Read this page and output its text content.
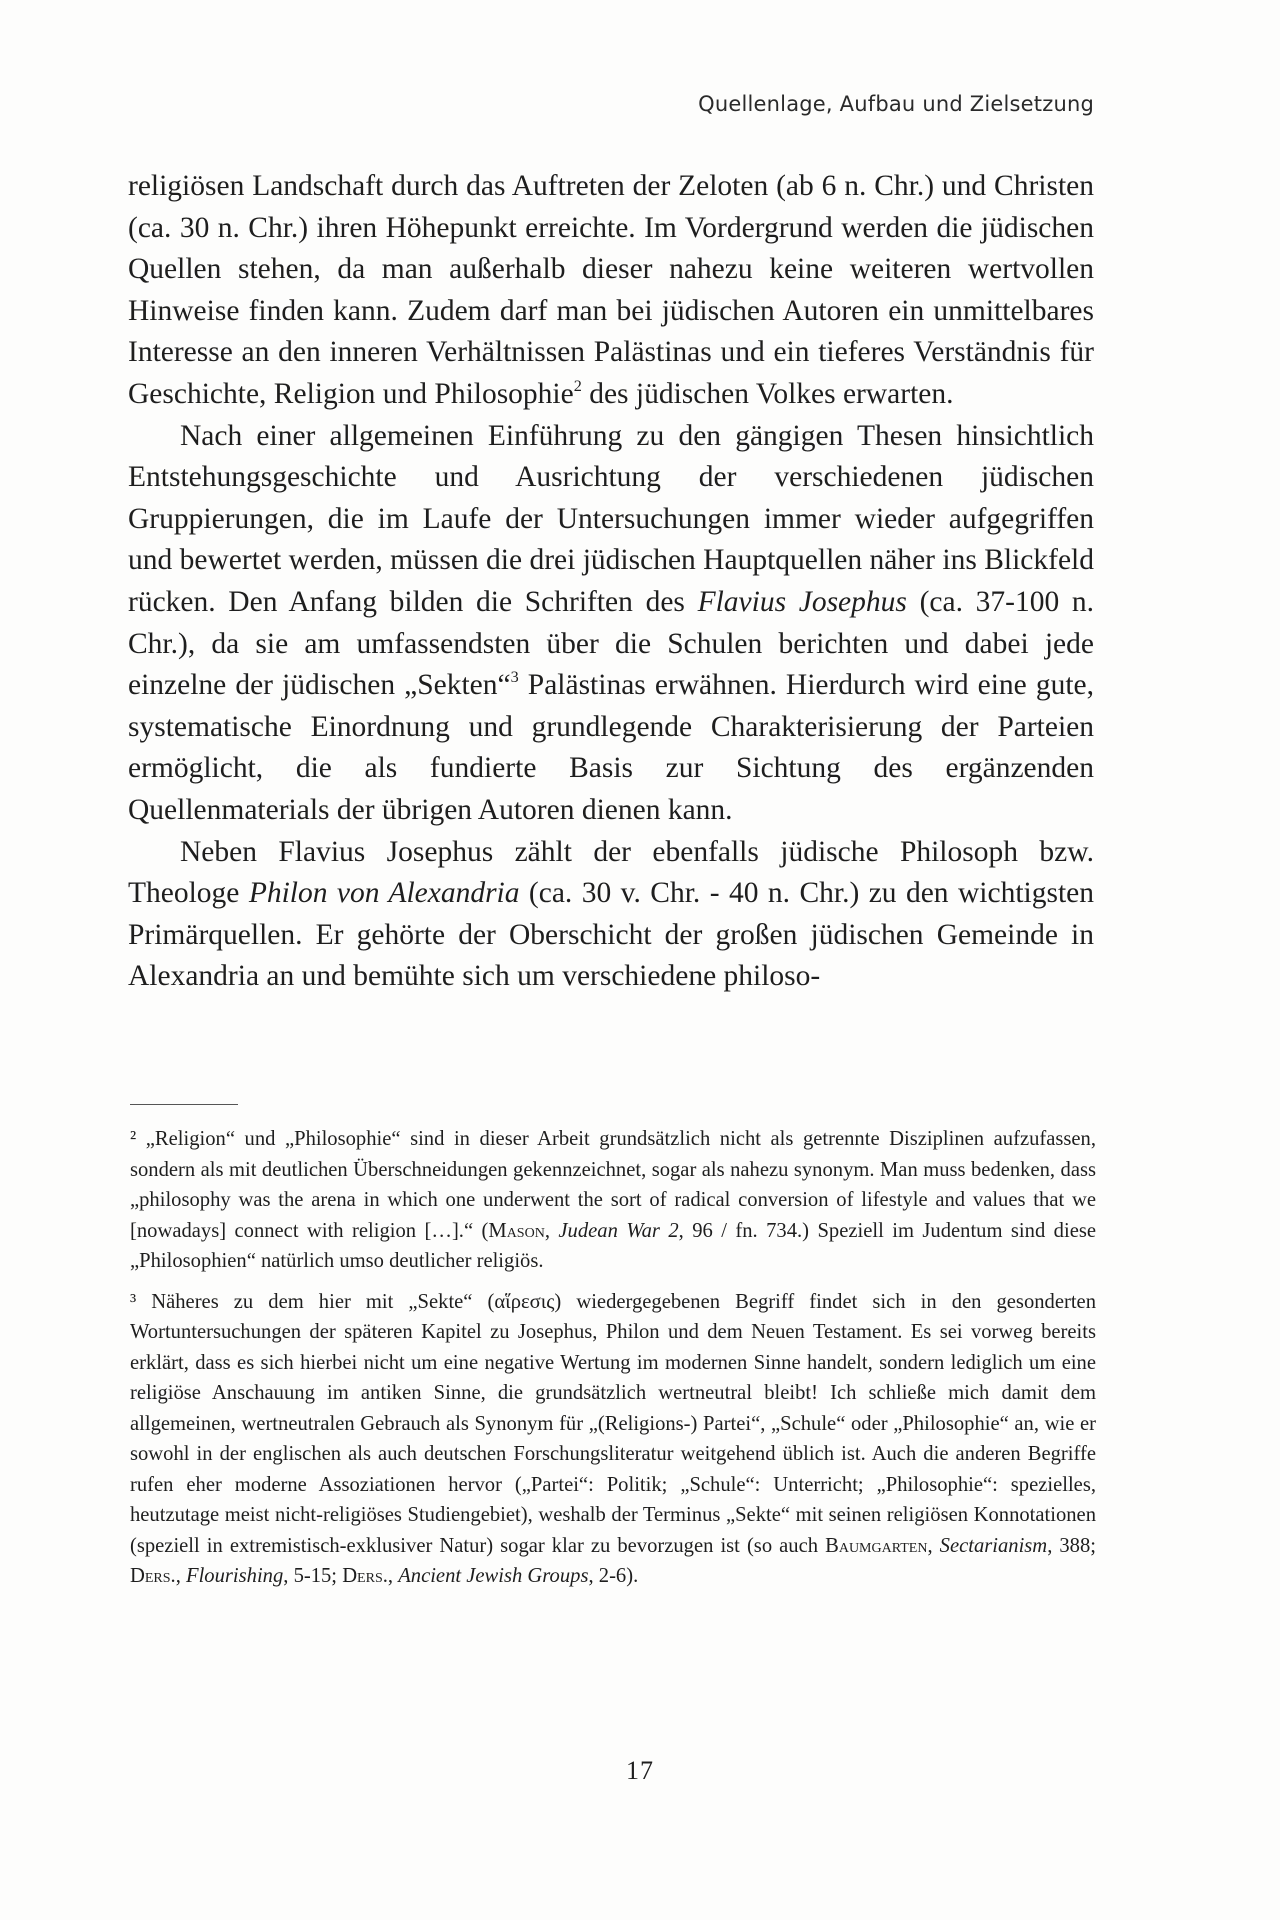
Quellenlage, Aufbau und Zielsetzung

religiösen Landschaft durch das Auftreten der Zeloten (ab 6 n. Chr.) und Christen (ca. 30 n. Chr.) ihren Höhepunkt erreichte. Im Vordergrund werden die jüdischen Quellen stehen, da man außerhalb dieser nahezu keine weiteren wertvollen Hinweise finden kann. Zudem darf man bei jüdischen Autoren ein unmittelbares Interesse an den inneren Verhältnissen Palästinas und ein tieferes Verständnis für Geschichte, Religion und Philosophie$^2$ des jüdischen Volkes erwarten.

Nach einer allgemeinen Einführung zu den gängigen Thesen hinsichtlich Entstehungsgeschichte und Ausrichtung der verschiedenen jüdischen Gruppierungen, die im Laufe der Untersuchungen immer wieder aufgegriffen und bewertet werden, müssen die drei jüdischen Hauptquellen näher ins Blickfeld rücken. Den Anfang bilden die Schriften des Flavius Josephus (ca. 37-100 n. Chr.), da sie am umfassendsten über die Schulen berichten und dabei jede einzelne der jüdischen „Sekten“$^3$ Palästinas erwähnen. Hierdurch wird eine gute, systematische Einordnung und grundlegende Charakterisierung der Parteien ermöglicht, die als fundierte Basis zur Sichtung des ergänzenden Quellenmaterials der übrigen Autoren dienen kann.

Neben Flavius Josephus zählt der ebenfalls jüdische Philosoph bzw. Theologe Philon von Alexandria (ca. 30 v. Chr. - 40 n. Chr.) zu den wichtigsten Primärquellen. Er gehörte der Oberschicht der großen jüdischen Gemeinde in Alexandria an und bemühte sich um verschiedene philoso-

² „Religion“ und „Philosophie“ sind in dieser Arbeit grundsätzlich nicht als getrennte Disziplinen aufzufassen, sondern als mit deutlichen Überschneidungen gekennzeichnet, sogar als nahezu synonym. Man muss bedenken, dass „philosophy was the arena in which one underwent the sort of radical conversion of lifestyle and values that we [nowadays] connect with religion […].“ (Mason, Judean War 2, 96 / fn. 734.) Speziell im Judentum sind diese „Philosophien“ natürlich umso deutlicher religiös.

³ Näheres zu dem hier mit „Sekte“ (αἵρεσις) wiedergegebenen Begriff findet sich in den gesonderten Wortuntersuchungen der späteren Kapitel zu Josephus, Philon und dem Neuen Testament. Es sei vorweg bereits erklärt, dass es sich hierbei nicht um eine negative Wertung im modernen Sinne handelt, sondern lediglich um eine religiöse Anschauung im antiken Sinne, die grundsätzlich wertneutral bleibt! Ich schließe mich damit dem allgemeinen, wertneutralen Gebrauch als Synonym für „(Religions-) Partei“, „Schule“ oder „Philosophie“ an, wie er sowohl in der englischen als auch deutschen Forschungsliteratur weitgehend üblich ist. Auch die anderen Begriffe rufen eher moderne Assoziationen hervor („Partei“: Politik; „Schule“: Unterricht; „Philosophie“: spezielles, heutzutage meist nicht-religiöses Studiengebiet), weshalb der Terminus „Sekte“ mit seinen religiösen Konnotationen (speziell in extremistisch-exklusiver Natur) sogar klar zu bevorzugen ist (so auch Baumgarten, Sectarianism, 388; Ders., Flourishing, 5-15; Ders., Ancient Jewish Groups, 2-6).

17
